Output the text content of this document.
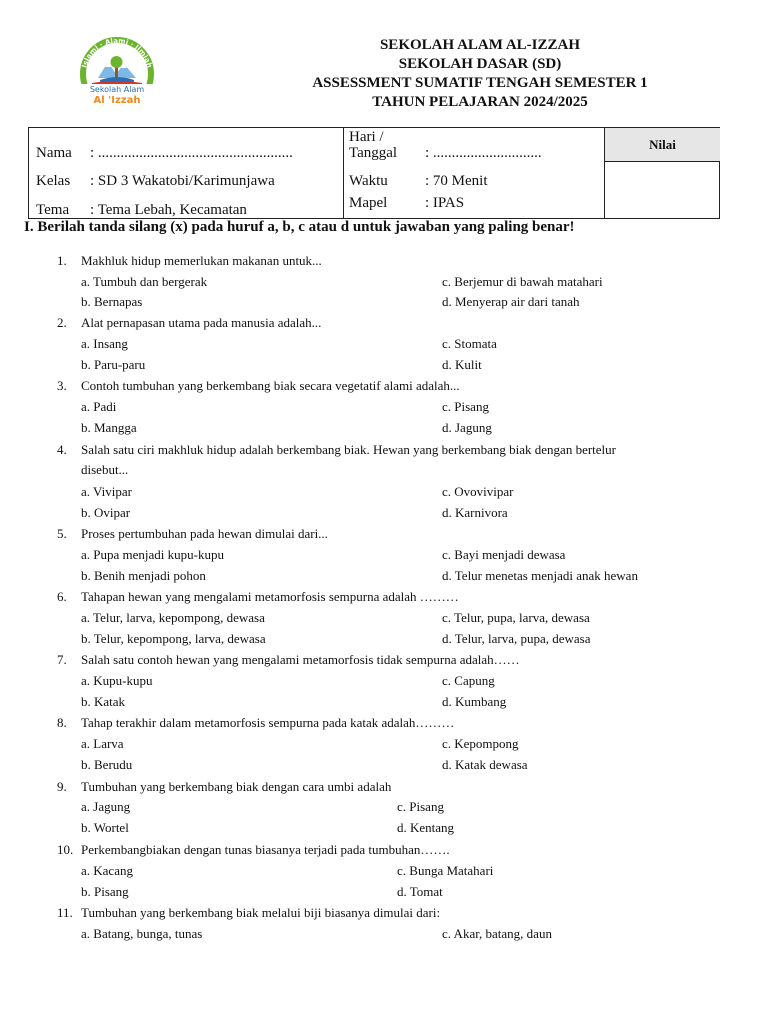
Islami · Alami · Ilmiah
Sekolah Alam
Al 'Izzah
SEKOLAH ALAM AL-IZZAH
SEKOLAH DASAR (SD)
ASSESSMENT SUMATIF TENGAH SEMESTER 1
TAHUN PELAJARAN 2024/2025
Nilai
Nama : ....................................................
Kelas : SD 3 Wakatobi/Karimunjawa
Tema : Tema Lebah, Kecamatan
Hari /
Tanggal : .............................
Waktu : 70 Menit
Mapel	: IPAS
I. Berilah tanda silang (x) pada huruf a, b, c atau d untuk jawaban yang paling benar!
1. Makhluk hidup memerlukan makanan untuk...
a. Tumbuh dan bergerak	c. Berjemur di bawah matahari
b. Bernapas	d. Menyerap air dari tanah
2. Alat pernapasan utama pada manusia adalah...
a. Insang	c. Stomata
b. Paru-paru	d. Kulit
3. Contoh tumbuhan yang berkembang biak secara vegetatif alami adalah...
a. Padi	c. Pisang
b. Mangga	d. Jagung
4. Salah satu ciri makhluk hidup adalah berkembang biak. Hewan yang berkembang biak dengan bertelur
disebut...
a. Vivipar	c. Ovovivipar
b. Ovipar	d. Karnivora
5. Proses pertumbuhan pada hewan dimulai dari...
a. Pupa menjadi kupu-kupu	c. Bayi menjadi dewasa
b. Benih menjadi pohon	d. Telur menetas menjadi anak hewan
6. Tahapan hewan yang mengalami metamorfosis sempurna adalah ………
a. Telur, larva, kepompong, dewasa	c. Telur, pupa, larva, dewasa
b. Telur, kepompong, larva, dewasa	d. Telur, larva, pupa, dewasa
7. Salah satu contoh hewan yang mengalami metamorfosis tidak sempurna adalah……
a. Kupu-kupu	c. Capung
b. Katak	d. Kumbang
8. Tahap terakhir dalam metamorfosis sempurna pada katak adalah………
a. Larva	c. Kepompong
b. Berudu	d. Katak dewasa
9. Tumbuhan yang berkembang biak dengan cara umbi adalah
a. Jagung	c. Pisang
b. Wortel	d. Kentang
10. Perkembangbiakan dengan tunas biasanya terjadi pada tumbuhan…….
a. Kacang	c. Bunga Matahari
b. Pisang	d. Tomat
11. Tumbuhan yang berkembang biak melalui biji biasanya dimulai dari:
a. Batang, bunga, tunas	c. Akar, batang, daun
